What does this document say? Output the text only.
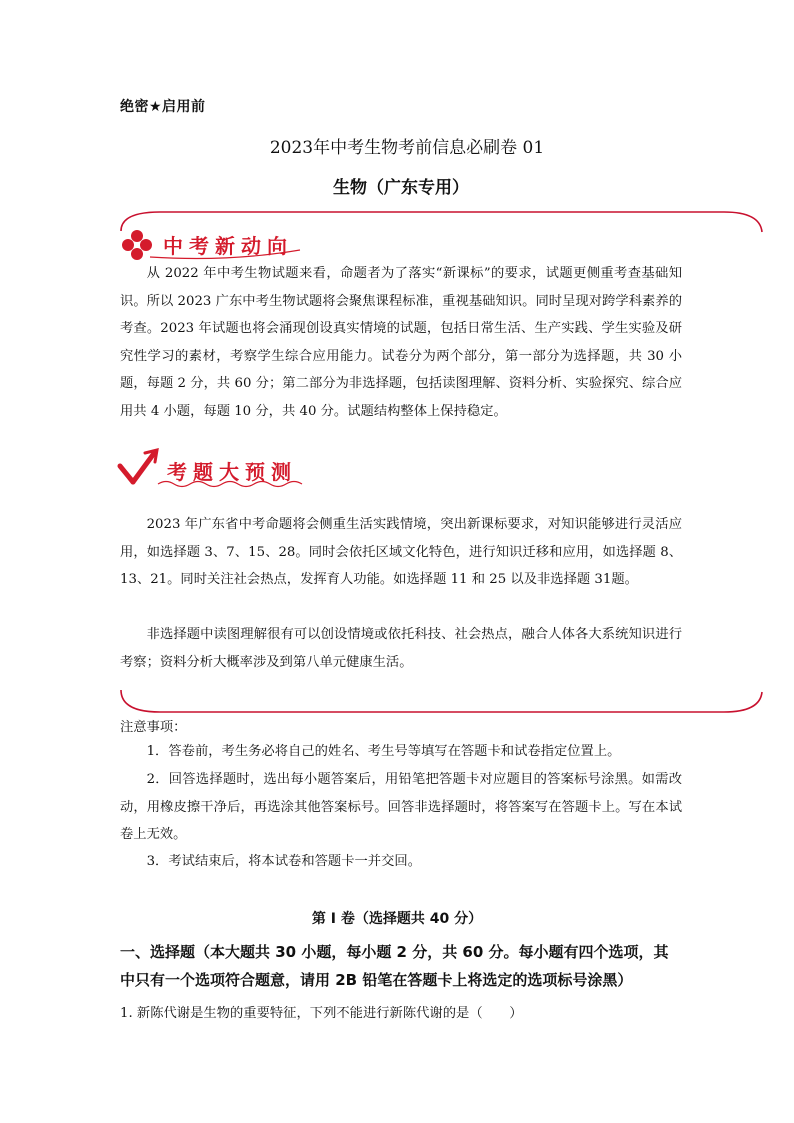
绝密★启用前
2023年中考生物考前信息必刷卷 01
生物（广东专用）
中考新动向

从 2022 年中考生物试题来看，命题者为了落实“新课标”的要求，试题更侧重考查基础知识。所以 2023 广东中考生物试题将会聚焦课程标准，重视基础知识。同时呈现对跨学科素养的考查。2023 年试题也将会涌现创设真实情境的试题，包括日常生活、生产实践、学生实验及研究性学习的素材，考察学生综合应用能力。试卷分为两个部分，第一部分为选择题，共 30 小题，每题 2 分，共 60 分；第二部分为非选择题，包括读图理解、资料分析、实验探究、综合应用共 4 小题，每题 10 分，共 40 分。试题结构整体上保持稳定。

考题大预测

2023 年广东省中考命题将会侧重生活实践情境，突出新课标要求，对知识能够进行灵活应用，如选择题 3、7、15、28。同时会依托区域文化特色，进行知识迁移和应用，如选择题 8、13、21。同时关注社会热点，发挥育人功能。如选择题 11 和 25 以及非选择题 31题。

非选择题中读图理解很有可以创设情境或依托科技、社会热点，融合人体各大系统知识进行考察；资料分析大概率涉及到第八单元健康生活。

注意事项：

1．答卷前，考生务必将自己的姓名、考生号等填写在答题卡和试卷指定位置上。

2．回答选择题时，选出每小题答案后，用铅笔把答题卡对应题目的答案标号涂黑。如需改动，用橡皮擦干净后，再选涂其他答案标号。回答非选择题时，将答案写在答题卡上。写在本试卷上无效。

3．考试结束后，将本试卷和答题卡一并交回。

第 I 卷（选择题共 40 分）

一、选择题（本大题共 30 小题，每小题 2 分，共 60 分。每小题有四个选项，其中只有一个选项符合题意，请用 2B 铅笔在答题卡上将选定的选项标号涂黑）

1. 新陈代谢是生物的重要特征，下列不能进行新陈代谢的是（　　）
